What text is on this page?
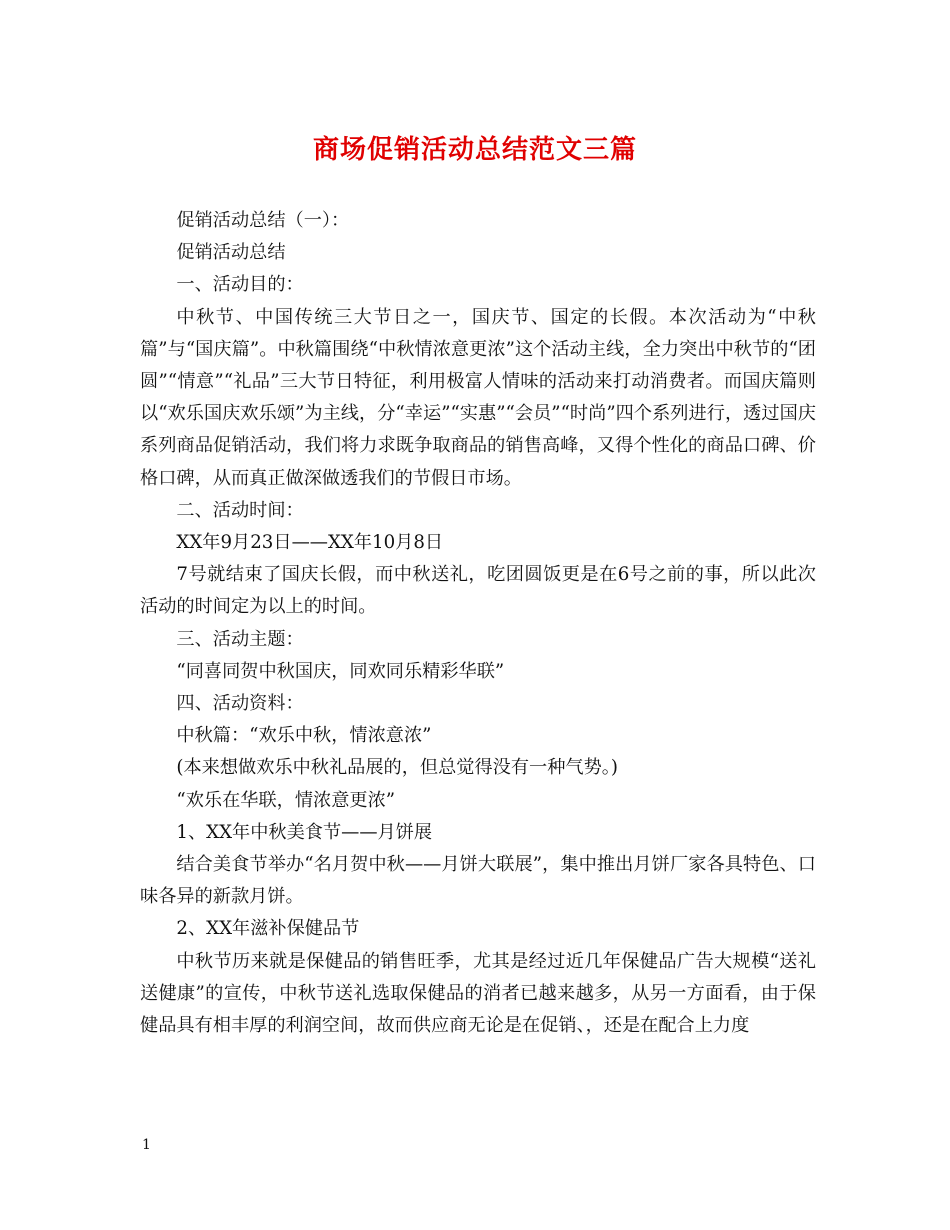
商场促销活动总结范文三篇

促销活动总结（一）：

促销活动总结

一、活动目的：

中秋节、中国传统三大节日之一，国庆节、国定的长假。本次活动为“中秋篇”与“国庆篇”。中秋篇围绕“中秋情浓意更浓”这个活动主线，全力突出中秋节的“团圆”“情意”“礼品”三大节日特征，利用极富人情味的活动来打动消费者。而国庆篇则以“欢乐国庆欢乐颂”为主线，分“幸运”“实惠”“会员”“时尚”四个系列进行，透过国庆系列商品促销活动，我们将力求既争取商品的销售高峰，又得个性化的商品口碑、价格口碑，从而真正做深做透我们的节假日市场。

二、活动时间：

XX年9月23日——XX年10月8日

7号就结束了国庆长假，而中秋送礼，吃团圆饭更是在6号之前的事，所以此次活动的时间定为以上的时间。

三、活动主题：

“同喜同贺中秋国庆，同欢同乐精彩华联”

四、活动资料：

中秋篇：“欢乐中秋，情浓意浓”

(本来想做欢乐中秋礼品展的，但总觉得没有一种气势。)

“欢乐在华联，情浓意更浓”

1、XX年中秋美食节——月饼展

结合美食节举办“名月贺中秋——月饼大联展”，集中推出月饼厂家各具特色、口味各异的新款月饼。

2、XX年滋补保健品节

中秋节历来就是保健品的销售旺季，尤其是经过近几年保健品广告大规模“送礼送健康”的宣传，中秋节送礼选取保健品的消者已越来越多，从另一方面看，由于保健品具有相丰厚的利润空间，故而供应商无论是在促销、，还是在配合上力度

1
